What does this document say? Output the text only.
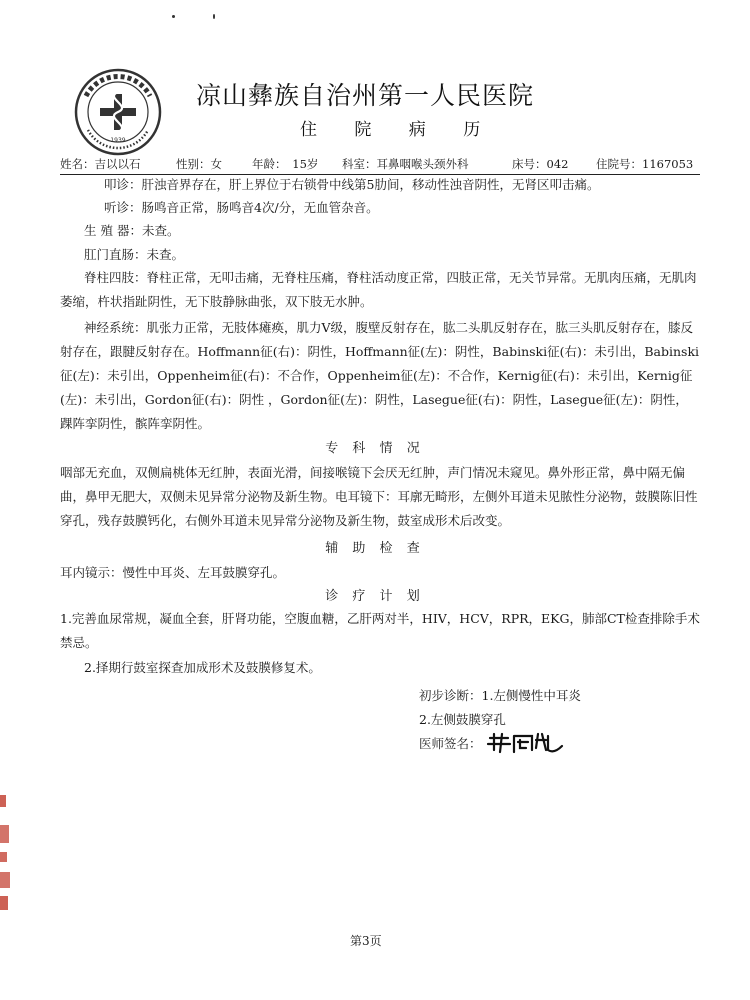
1939
凉山彝族自治州第一人民医院
住 院 病 历
姓名：吉以以石	性别：女	年龄：　15岁 科室：耳鼻咽喉头颈外科	床号：042 住院号：1167053
叩诊：肝浊音界存在，肝上界位于右锁骨中线第5肋间，移动性浊音阴性，无肾区叩击痛。
听诊：肠鸣音正常，肠鸣音4次/分，无血管杂音。
生 殖 器：未查。
肛门直肠：未查。
脊柱四肢：脊柱正常，无叩击痛，无脊柱压痛，脊柱活动度正常，四肢正常，无关节异常。无肌肉压痛，无肌肉萎缩，杵状指趾阴性，无下肢静脉曲张，双下肢无水肿。
神经系统：肌张力正常，无肢体瘫痪，肌力Ⅴ级，腹壁反射存在，肱二头肌反射存在，肱三头肌反射存在，膝反射存在，跟腱反射存在。Hoffmann征(右)：阴性，Hoffmann征(左)：阴性，Babinski征(右)：未引出，Babinski征(左)：未引出，Oppenheim征(右)：不合作，Oppenheim征(左)：不合作，Kernig征(右)：未引出，Kernig征(左)：未引出，Gordon征(右)：阴性 ，Gordon征(左)：阴性，Lasegue征(右)：阴性，Lasegue征(左)：阴性，踝阵挛阴性，髌阵挛阴性。
专 科 情 况
咽部无充血，双侧扁桃体无红肿，表面光滑，间接喉镜下会厌无红肿，声门情况未窥见。鼻外形正常，鼻中隔无偏曲，鼻甲无肥大，双侧未见异常分泌物及新生物。电耳镜下：耳廓无畸形，左侧外耳道未见脓性分泌物，鼓膜陈旧性穿孔，残存鼓膜钙化，右侧外耳道未见异常分泌物及新生物，鼓室成形术后改变。
辅 助 检 查
耳内镜示：慢性中耳炎、左耳鼓膜穿孔。
诊 疗 计 划
1.完善血尿常规，凝血全套，肝肾功能，空腹血糖，乙肝两对半，HIV，HCV，RPR，EKG，肺部CT检查排除手术禁忌。
2.择期行鼓室探查加成形术及鼓膜修复术。
初步诊断：1.左侧慢性中耳炎
2.左侧鼓膜穿孔
医师签名：
第3页
